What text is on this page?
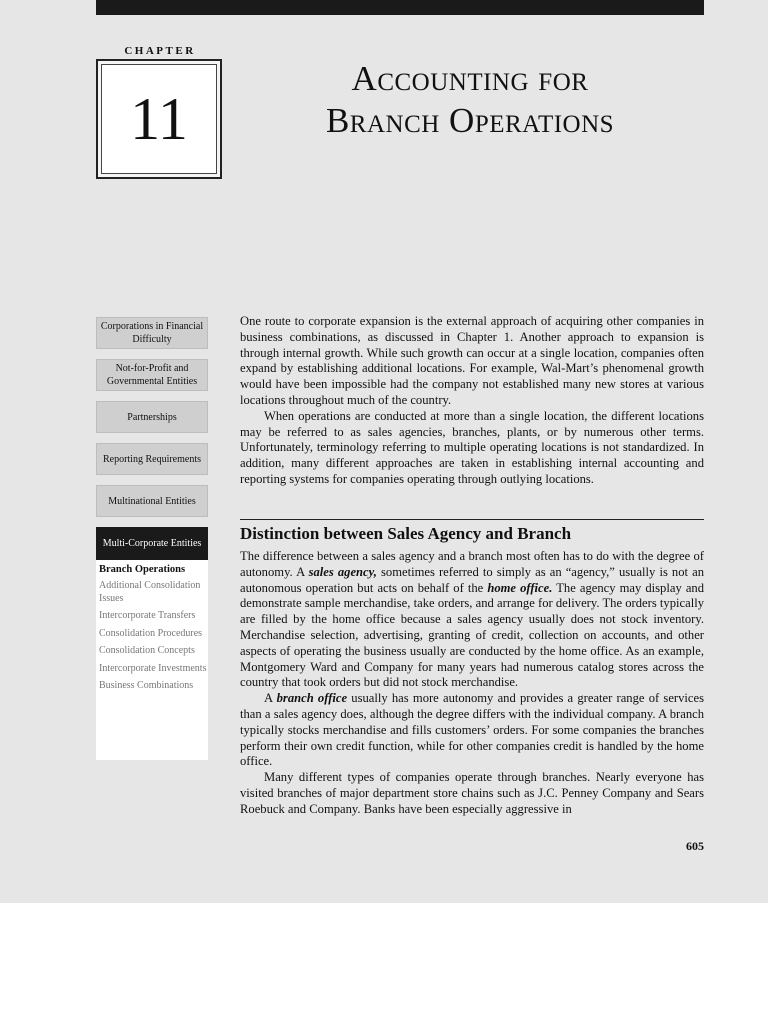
CHAPTER
11
Accounting for
Branch Operations
Corporations in Financial Difficulty
Not-for-Profit and Governmental Entities
Partnerships
Reporting Requirements
Multinational Entities
Multi-Corporate Entities
Branch Operations
Additional Consolidation Issues
Intercorporate Transfers
Consolidation Procedures
Consolidation Concepts
Intercorporate Investments
Business Combinations

One route to corporate expansion is the external approach of acquiring other companies in business combinations, as discussed in Chapter 1. Another approach to expansion is through internal growth. While such growth can occur at a single location, companies often expand by establishing additional locations. For example, Wal-Mart’s phenomenal growth would have been impossible had the company not established many new stores at various locations throughout much of the country.

When operations are conducted at more than a single location, the different locations may be referred to as sales agencies, branches, plants, or by numerous other terms. Unfortunately, terminology referring to multiple operating locations is not standardized. In addition, many different approaches are taken in establishing internal accounting and reporting systems for companies operating through outlying locations.

Distinction between Sales Agency and Branch

The difference between a sales agency and a branch most often has to do with the degree of autonomy. A sales agency, sometimes referred to simply as an “agency,” usually is not an autonomous operation but acts on behalf of the home office. The agency may display and demonstrate sample merchandise, take orders, and arrange for delivery. The orders typically are filled by the home office because a sales agency usually does not stock inventory. Merchandise selection, advertising, granting of credit, collection on accounts, and other aspects of operating the business usually are conducted by the home office. As an example, Montgomery Ward and Company for many years had numerous catalog stores across the country that took orders but did not stock merchandise.

A branch office usually has more autonomy and provides a greater range of services than a sales agency does, although the degree differs with the individual company. A branch typically stocks merchandise and fills customers’ orders. For some companies the branches perform their own credit function, while for other companies credit is handled by the home office.

Many different types of companies operate through branches. Nearly everyone has visited branches of major department store chains such as J.C. Penney Company and Sears Roebuck and Company. Banks have been especially aggressive in

605
